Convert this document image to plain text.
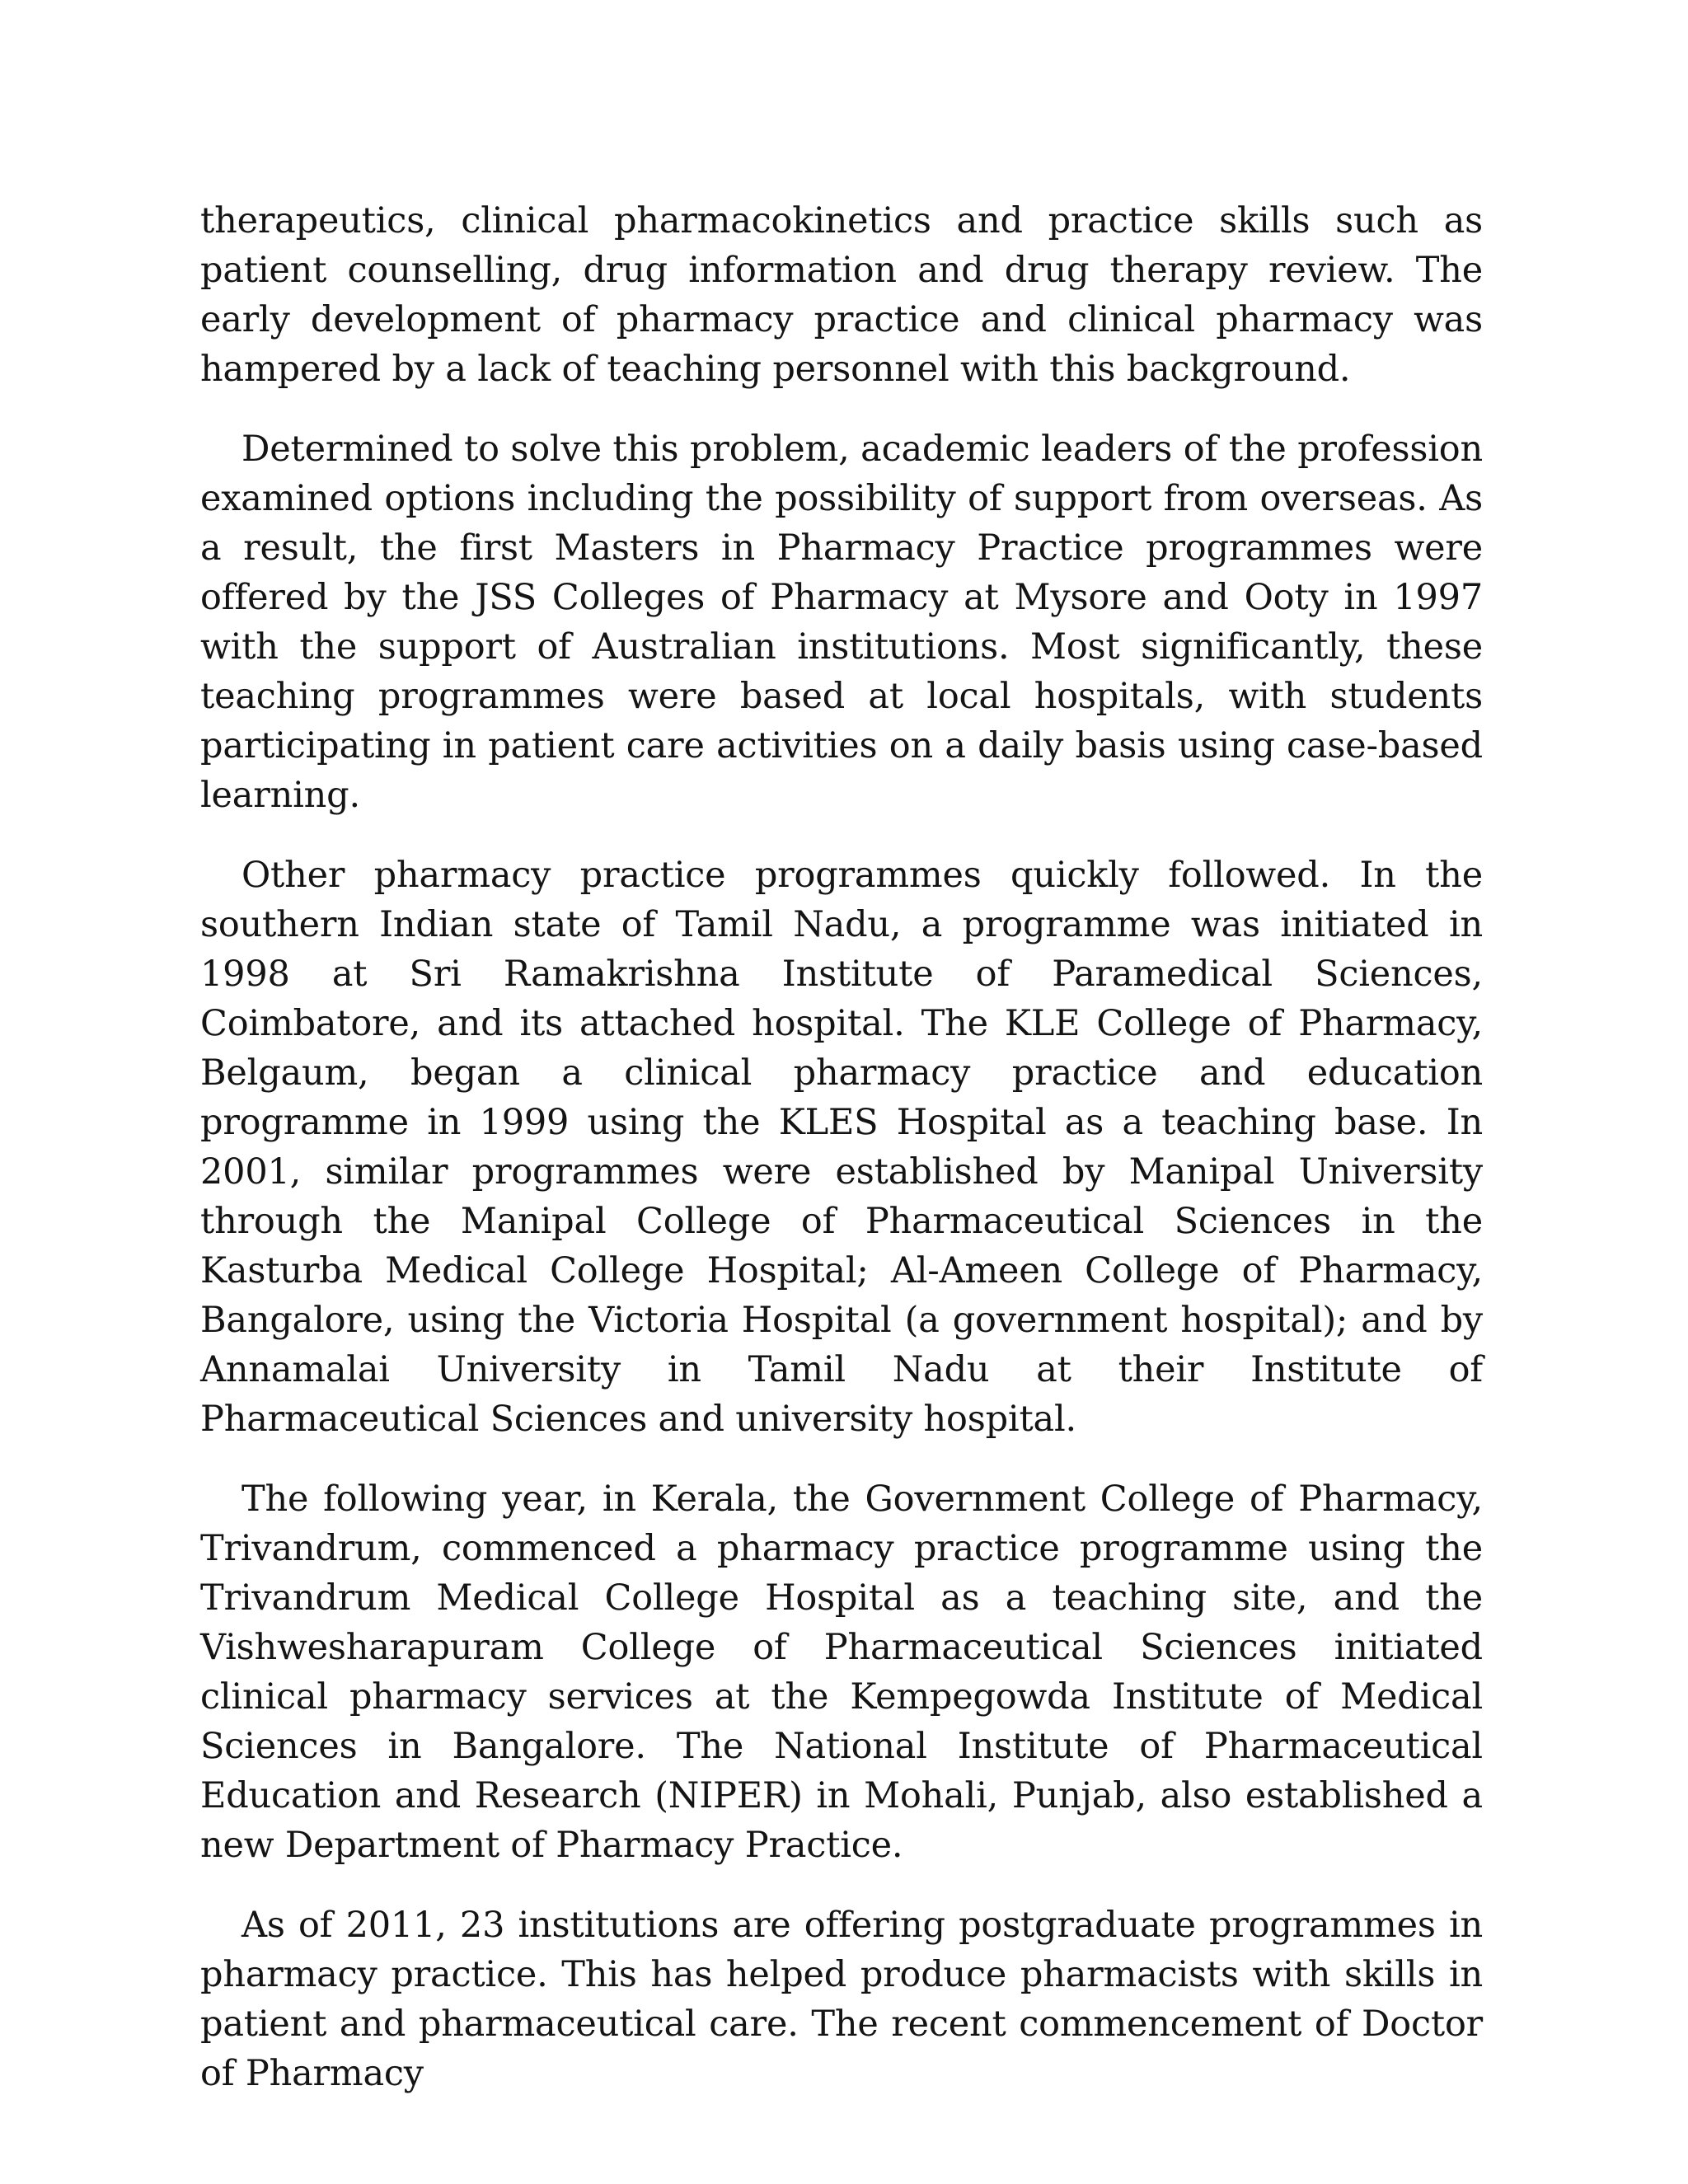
therapeutics, clinical pharmacokinetics and practice skills such as patient counselling, drug information and drug therapy review. The early development of pharmacy practice and clinical pharmacy was hampered by a lack of teaching personnel with this background.

Determined to solve this problem, academic leaders of the profession examined options including the possibility of support from overseas. As a result, the first Masters in Pharmacy Practice programmes were offered by the JSS Colleges of Pharmacy at Mysore and Ooty in 1997 with the support of Australian institutions. Most significantly, these teaching programmes were based at local hospitals, with students participating in patient care activities on a daily basis using case-based learning.

Other pharmacy practice programmes quickly followed. In the southern Indian state of Tamil Nadu, a programme was initiated in 1998 at Sri Ramakrishna Institute of Paramedical Sciences, Coimbatore, and its attached hospital. The KLE College of Pharmacy, Belgaum, began a clinical pharmacy practice and education programme in 1999 using the KLES Hospital as a teaching base. In 2001, similar programmes were established by Manipal University through the Manipal College of Pharmaceutical Sciences in the Kasturba Medical College Hospital; Al-Ameen College of Pharmacy, Bangalore, using the Victoria Hospital (a government hospital); and by Annamalai University in Tamil Nadu at their Institute of Pharmaceutical Sciences and university hospital.

The following year, in Kerala, the Government College of Pharmacy, Trivandrum, commenced a pharmacy practice programme using the Trivandrum Medical College Hospital as a teaching site, and the Vishwesharapuram College of Pharmaceutical Sciences initiated clinical pharmacy services at the Kempegowda Institute of Medical Sciences in Bangalore. The National Institute of Pharmaceutical Education and Research (NIPER) in Mohali, Punjab, also established a new Department of Pharmacy Practice.

As of 2011, 23 institutions are offering postgraduate programmes in pharmacy practice. This has helped produce pharmacists with skills in patient and pharmaceutical care. The recent commencement of Doctor of Pharmacy
